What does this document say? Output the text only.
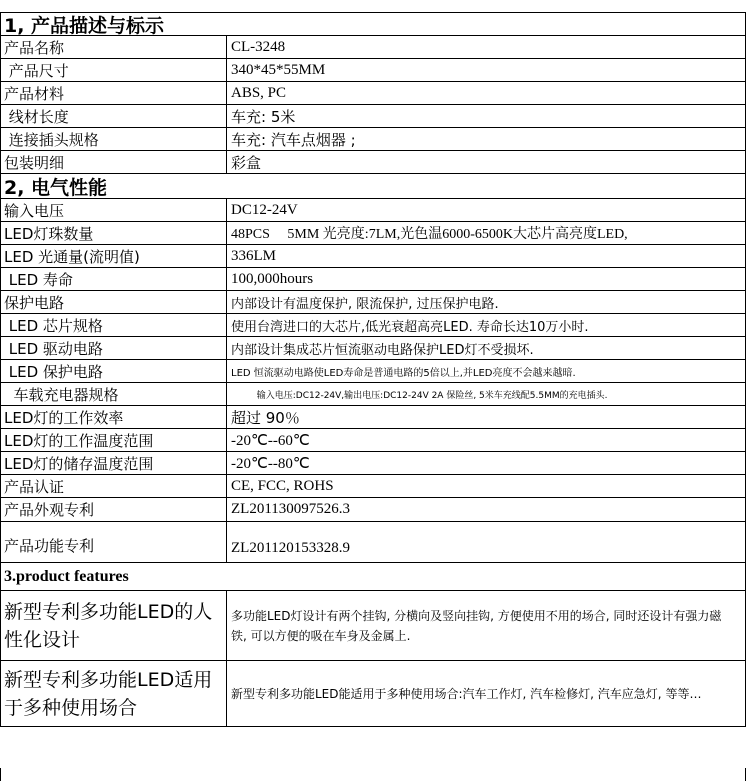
1, 产品描述与标示
产品名称	CL-3248
产品尺寸	340*45*55MM
产品材料	ABS, PC
线材长度	车充: 5米
连接插头规格	车充: 汽车点烟器 ;
包装明细	彩盒
2, 电气性能
输入电压	DC12-24V
LED灯珠数量	48PCS     5MM 光亮度:7LM,光色温6000-6500K大芯片高亮度LED,
LED 光通量(流明值)	336LM
LED 寿命	100,000hours
保护电路	内部设计有温度保护, 限流保护, 过压保护电路.
LED 芯片规格	使用台湾进口的大芯片,低光衰超高亮LED. 寿命长达10万小时.
LED 驱动电路	内部设计集成芯片恒流驱动电路保护LED灯不受损坏.
LED 保护电路	LED 恒流驱动电路使LED寿命是普通电路的5倍以上,并LED亮度不会越来越暗.
车载充电器规格	输入电压:DC12-24V,输出电压:DC12-24V 2A 保险丝, 5米车充线配5.5MM的充电插头.
LED灯的工作效率	超过 90％
LED灯的工作温度范围	-20℃--60℃
LED灯的储存温度范围	-20℃--80℃
产品认证	CE, FCC, ROHS
产品外观专利	ZL201130097526.3
产品功能专利	ZL201120153328.9
3.product features
新型专利多功能LED的人性化设计
多功能LED灯设计有两个挂钩, 分横向及竖向挂钩, 方便使用不用的场合, 同时还设计有强力磁铁, 可以方便的吸在车身及金属上.
新型专利多功能LED适用于多种使用场合
新型专利多功能LED能适用于多种使用场合:汽车工作灯, 汽车检修灯, 汽车应急灯, 等等…
